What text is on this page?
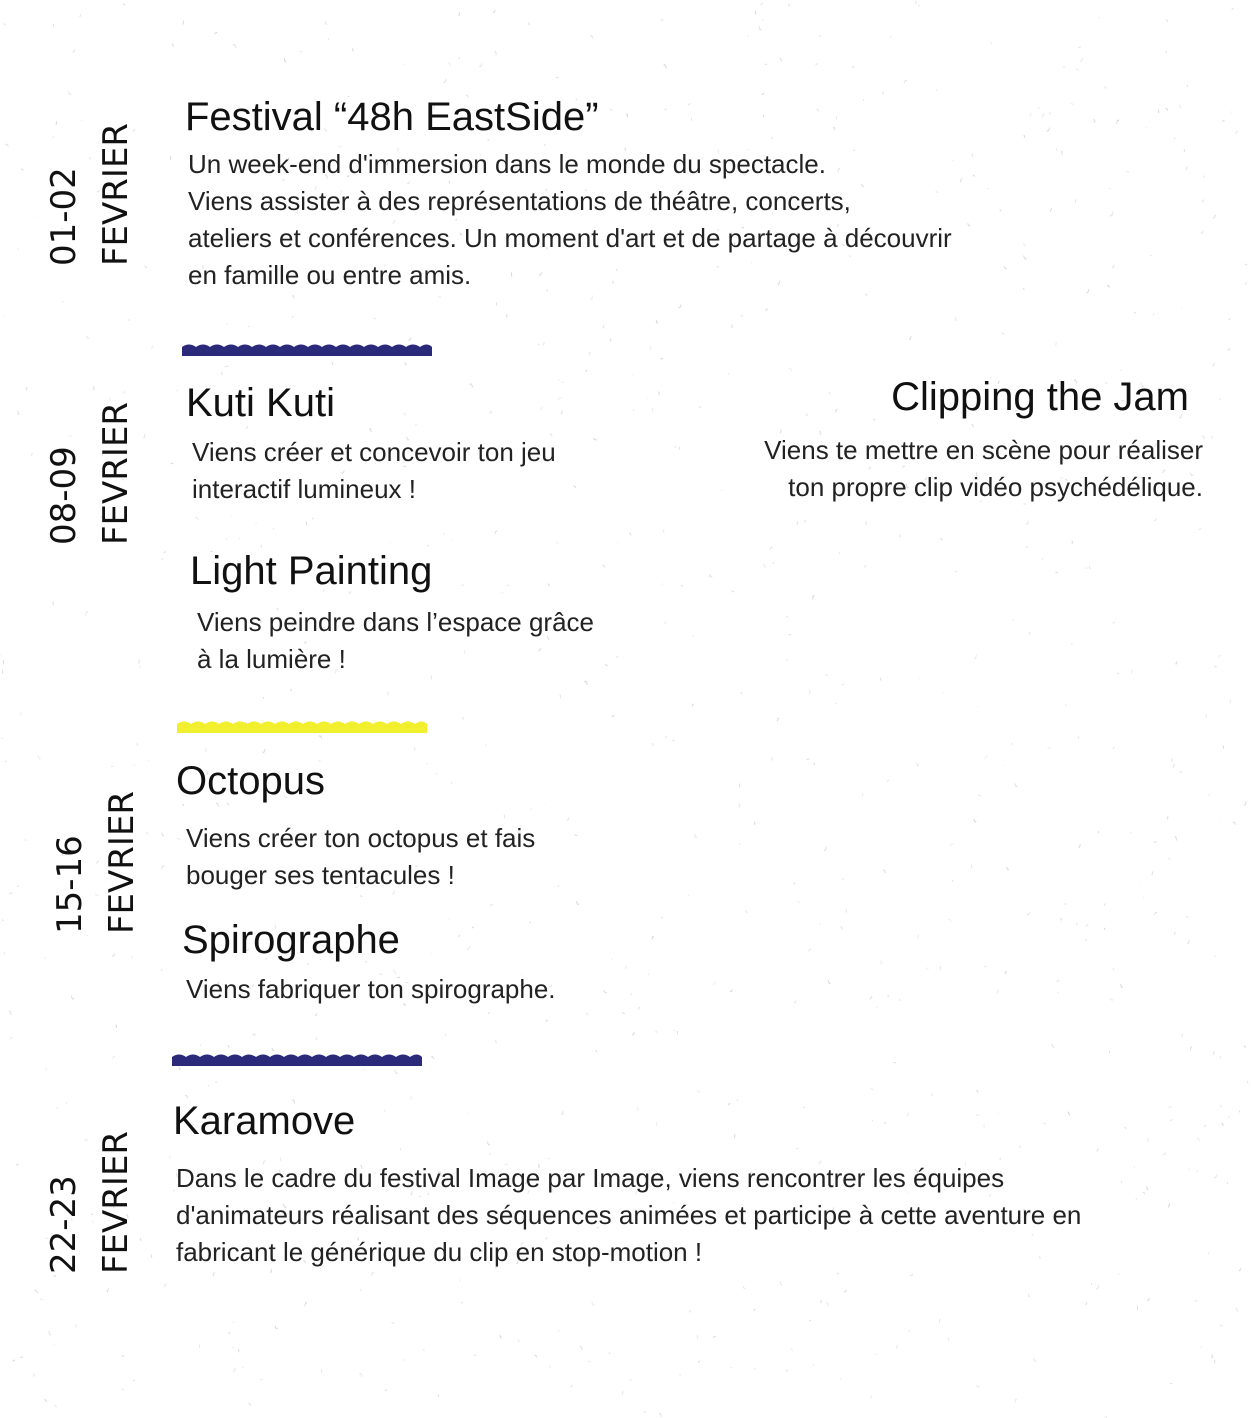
01-02 FEVRIER
Festival “48h EastSide”

Un week-end d'immersion dans le monde du spectacle.
Viens assister à des représentations de théâtre, concerts,
ateliers et conférences. Un moment d'art et de partage à découvrir
en famille ou entre amis.

08-09 FEVRIER Kuti Kuti

Viens créer et concevoir ton jeu
interactif lumineux !

Clipping the Jam

Viens te mettre en scène pour réaliser
ton propre clip vidéo psychédélique.

Light Painting

Viens peindre dans l’espace grâce
à la lumière !

15-16 FEVRIER
Octopus

Viens créer ton octopus et fais
bouger ses tentacules !

Spirographe

Viens fabriquer ton spirographe.

22-23 FEVRIER
Karamove

Dans le cadre du festival Image par Image, viens rencontrer les équipes
d'animateurs réalisant des séquences animées et participe à cette aventure en
fabricant le générique du clip en stop-motion !
